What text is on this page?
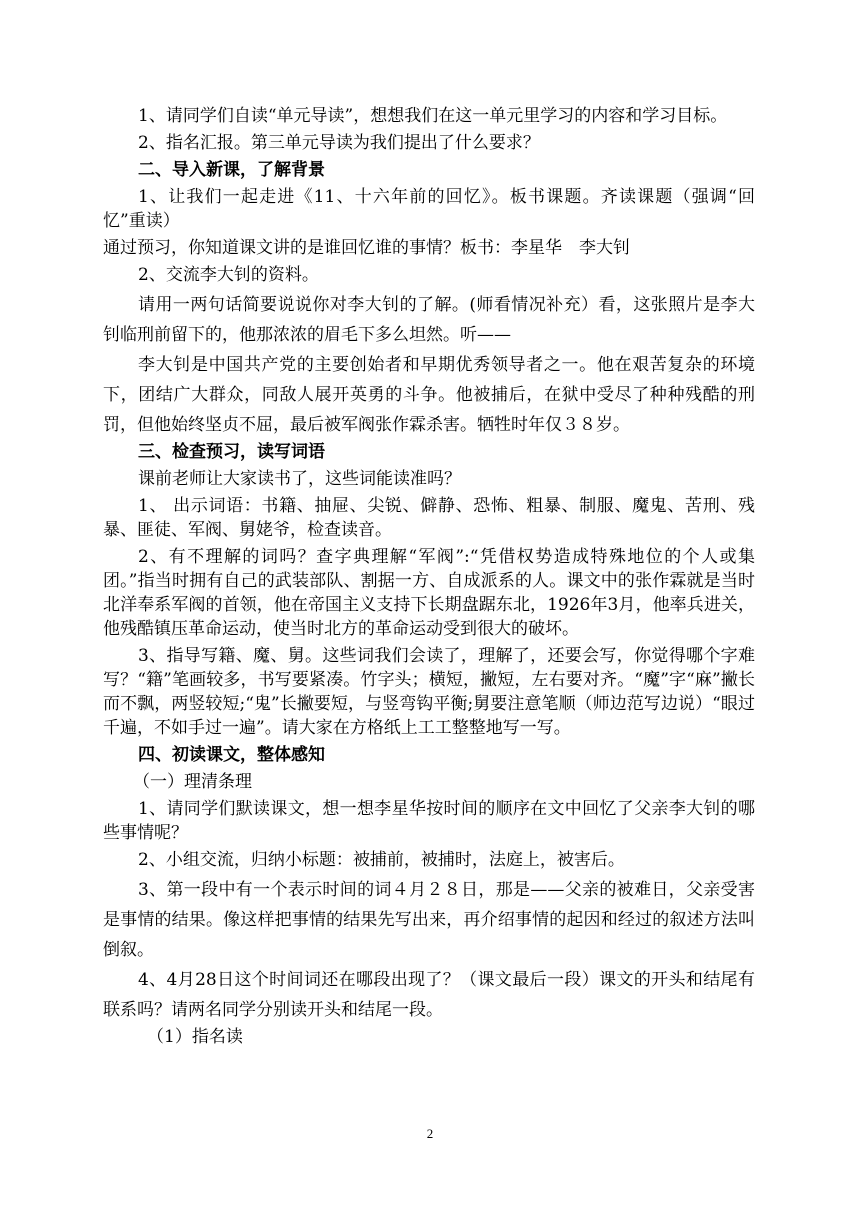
1、请同学们自读“单元导读”，想想我们在这一单元里学习的内容和学习目标。

2、指名汇报。第三单元导读为我们提出了什么要求？

二、导入新课，了解背景

1、让我们一起走进《11、十六年前的回忆》。板书课题。齐读课题（强调“回忆”重读）

通过预习，你知道课文讲的是谁回忆谁的事情？板书：李星华　李大钊

2、交流李大钊的资料。

请用一两句话简要说说你对李大钊的了解。(师看情况补充）看，这张照片是李大钊临刑前留下的，他那浓浓的眉毛下多么坦然。听——

李大钊是中国共产党的主要创始者和早期优秀领导者之一。他在艰苦复杂的环境下，团结广大群众，同敌人展开英勇的斗争。他被捕后，在狱中受尽了种种残酷的刑罚，但他始终坚贞不屈，最后被军阀张作霖杀害。牺牲时年仅３８岁。

三、检查预习，读写词语

课前老师让大家读书了，这些词能读准吗？

1、 出示词语：书籍、抽屉、尖锐、僻静、恐怖、粗暴、制服、魔鬼、苦刑、残暴、匪徒、军阀、舅姥爷，检查读音。

2、有不理解的词吗？查字典理解“军阀”:“凭借权势造成特殊地位的个人或集团。”指当时拥有自己的武装部队、割据一方、自成派系的人。课文中的张作霖就是当时北洋奉系军阀的首领，他在帝国主义支持下长期盘踞东北，1926年3月，他率兵进关，他残酷镇压革命运动，使当时北方的革命运动受到很大的破坏。

3、指导写籍、魔、舅。这些词我们会读了，理解了，还要会写，你觉得哪个字难写？“籍”笔画较多，书写要紧凑。竹字头；横短，撇短，左右要对齐。“魔”字“麻”撇长而不飘，两竖较短;“鬼”长撇要短，与竖弯钩平衡;舅要注意笔顺（师边范写边说）“眼过千遍，不如手过一遍”。请大家在方格纸上工工整整地写一写。

四、初读课文，整体感知

（一）理清条理

1、请同学们默读课文，想一想李星华按时间的顺序在文中回忆了父亲李大钊的哪些事情呢？

2、小组交流，归纳小标题：被捕前，被捕时，法庭上，被害后。

3、第一段中有一个表示时间的词４月２８日，那是——父亲的被难日，父亲受害是事情的结果。像这样把事情的结果先写出来，再介绍事情的起因和经过的叙述方法叫倒叙。

4、4月28日这个时间词还在哪段出现了？（课文最后一段）课文的开头和结尾有联系吗？请两名同学分别读开头和结尾一段。

（1）指名读

2
